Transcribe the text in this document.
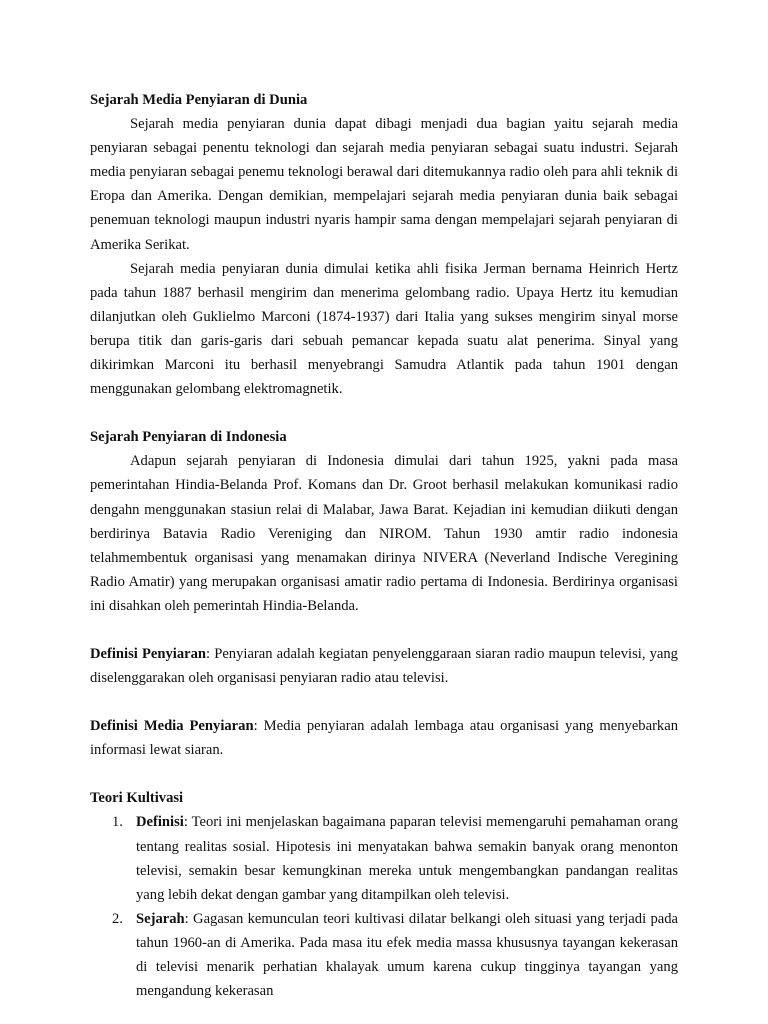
Sejarah Media Penyiaran di Dunia

Sejarah media penyiaran dunia dapat dibagi menjadi dua bagian yaitu sejarah media penyiaran sebagai penentu teknologi dan sejarah media penyiaran sebagai suatu industri. Sejarah media penyiaran sebagai penemu teknologi berawal dari ditemukannya radio oleh para ahli teknik di Eropa dan Amerika. Dengan demikian, mempelajari sejarah media penyiaran dunia baik sebagai penemuan teknologi maupun industri nyaris hampir sama dengan mempelajari sejarah penyiaran di Amerika Serikat.

Sejarah media penyiaran dunia dimulai ketika ahli fisika Jerman bernama Heinrich Hertz pada tahun 1887 berhasil mengirim dan menerima gelombang radio. Upaya Hertz itu kemudian dilanjutkan oleh Guklielmo Marconi (1874-1937) dari Italia yang sukses mengirim sinyal morse berupa titik dan garis-garis dari sebuah pemancar kepada suatu alat penerima. Sinyal yang dikirimkan Marconi itu berhasil menyebrangi Samudra Atlantik pada tahun 1901 dengan menggunakan gelombang elektromagnetik.

Sejarah Penyiaran di Indonesia

Adapun sejarah penyiaran di Indonesia dimulai dari tahun 1925, yakni pada masa pemerintahan Hindia-Belanda Prof. Komans dan Dr. Groot berhasil melakukan komunikasi radio dengahn menggunakan stasiun relai di Malabar, Jawa Barat. Kejadian ini kemudian diikuti dengan berdirinya Batavia Radio Vereniging dan NIROM. Tahun 1930 amtir radio indonesia telahmembentuk organisasi yang menamakan dirinya NIVERA (Neverland Indische Veregining Radio Amatir) yang merupakan organisasi amatir radio pertama di Indonesia. Berdirinya organisasi ini disahkan oleh pemerintah Hindia-Belanda.

Definisi Penyiaran: Penyiaran adalah kegiatan penyelenggaraan siaran radio maupun televisi, yang diselenggarakan oleh organisasi penyiaran radio atau televisi.

Definisi Media Penyiaran: Media penyiaran adalah lembaga atau organisasi yang menyebarkan informasi lewat siaran.

Teori Kultivasi

1. Definisi: Teori ini menjelaskan bagaimana paparan televisi memengaruhi pemahaman orang tentang realitas sosial. Hipotesis ini menyatakan bahwa semakin banyak orang menonton televisi, semakin besar kemungkinan mereka untuk mengembangkan pandangan realitas yang lebih dekat dengan gambar yang ditampilkan oleh televisi.
2. Sejarah: Gagasan kemunculan teori kultivasi dilatar belkangi oleh situasi yang terjadi pada tahun 1960-an di Amerika. Pada masa itu efek media massa khususnya tayangan kekerasan di televisi menarik perhatian khalayak umum karena cukup tingginya tayangan yang mengandung kekerasan
